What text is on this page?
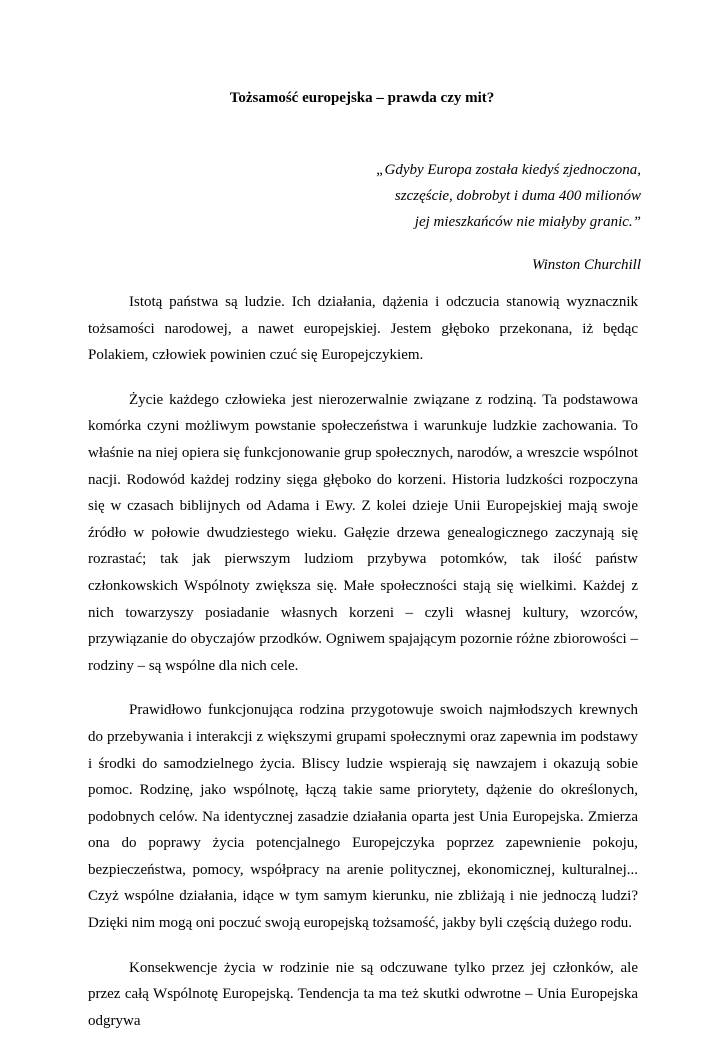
Tożsamość europejska – prawda czy mit?
„Gdyby Europa została kiedyś zjednoczona,
szczęście, dobrobyt i duma 400 milionów
jej mieszkańców nie miałyby granic.”
Winston Churchill

Istotą państwa są ludzie. Ich działania, dążenia i odczucia stanowią wyznacznik tożsamości narodowej, a nawet europejskiej. Jestem głęboko przekonana, iż będąc Polakiem, człowiek powinien czuć się Europejczykiem.

Życie każdego człowieka jest nierozerwalnie związane z rodziną. Ta podstawowa komórka czyni możliwym powstanie społeczeństwa i warunkuje ludzkie zachowania. To właśnie na niej opiera się funkcjonowanie grup społecznych, narodów, a wreszcie wspólnot nacji. Rodowód każdej rodziny sięga głęboko do korzeni. Historia ludzkości rozpoczyna się w czasach biblijnych od Adama i Ewy. Z kolei dzieje Unii Europejskiej mają swoje źródło w połowie dwudziestego wieku. Gałęzie drzewa genealogicznego zaczynają się rozrastać; tak jak pierwszym ludziom przybywa potomków, tak ilość państw członkowskich Wspólnoty zwiększa się. Małe społeczności stają się wielkimi. Każdej z nich towarzyszy posiadanie własnych korzeni – czyli własnej kultury, wzorców, przywiązanie do obyczajów przodków. Ogniwem spajającym pozornie różne zbiorowości – rodziny – są wspólne dla nich cele.

Prawidłowo funkcjonująca rodzina przygotowuje swoich najmłodszych krewnych do przebywania i interakcji z większymi grupami społecznymi oraz zapewnia im podstawy i środki do samodzielnego życia. Bliscy ludzie wspierają się nawzajem i okazują sobie pomoc. Rodzinę, jako wspólnotę, łączą takie same priorytety, dążenie do określonych, podobnych celów. Na identycznej zasadzie działania oparta jest Unia Europejska. Zmierza ona do poprawy życia potencjalnego Europejczyka poprzez zapewnienie pokoju, bezpieczeństwa, pomocy, współpracy na arenie politycznej, ekonomicznej, kulturalnej... Czyż wspólne działania, idące w tym samym kierunku, nie zbliżają i nie jednoczą ludzi? Dzięki nim mogą oni poczuć swoją europejską tożsamość, jakby byli częścią dużego rodu.

Konsekwencje życia w rodzinie nie są odczuwane tylko przez jej członków, ale przez całą Wspólnotę Europejską. Tendencja ta ma też skutki odwrotne – Unia Europejska odgrywa
